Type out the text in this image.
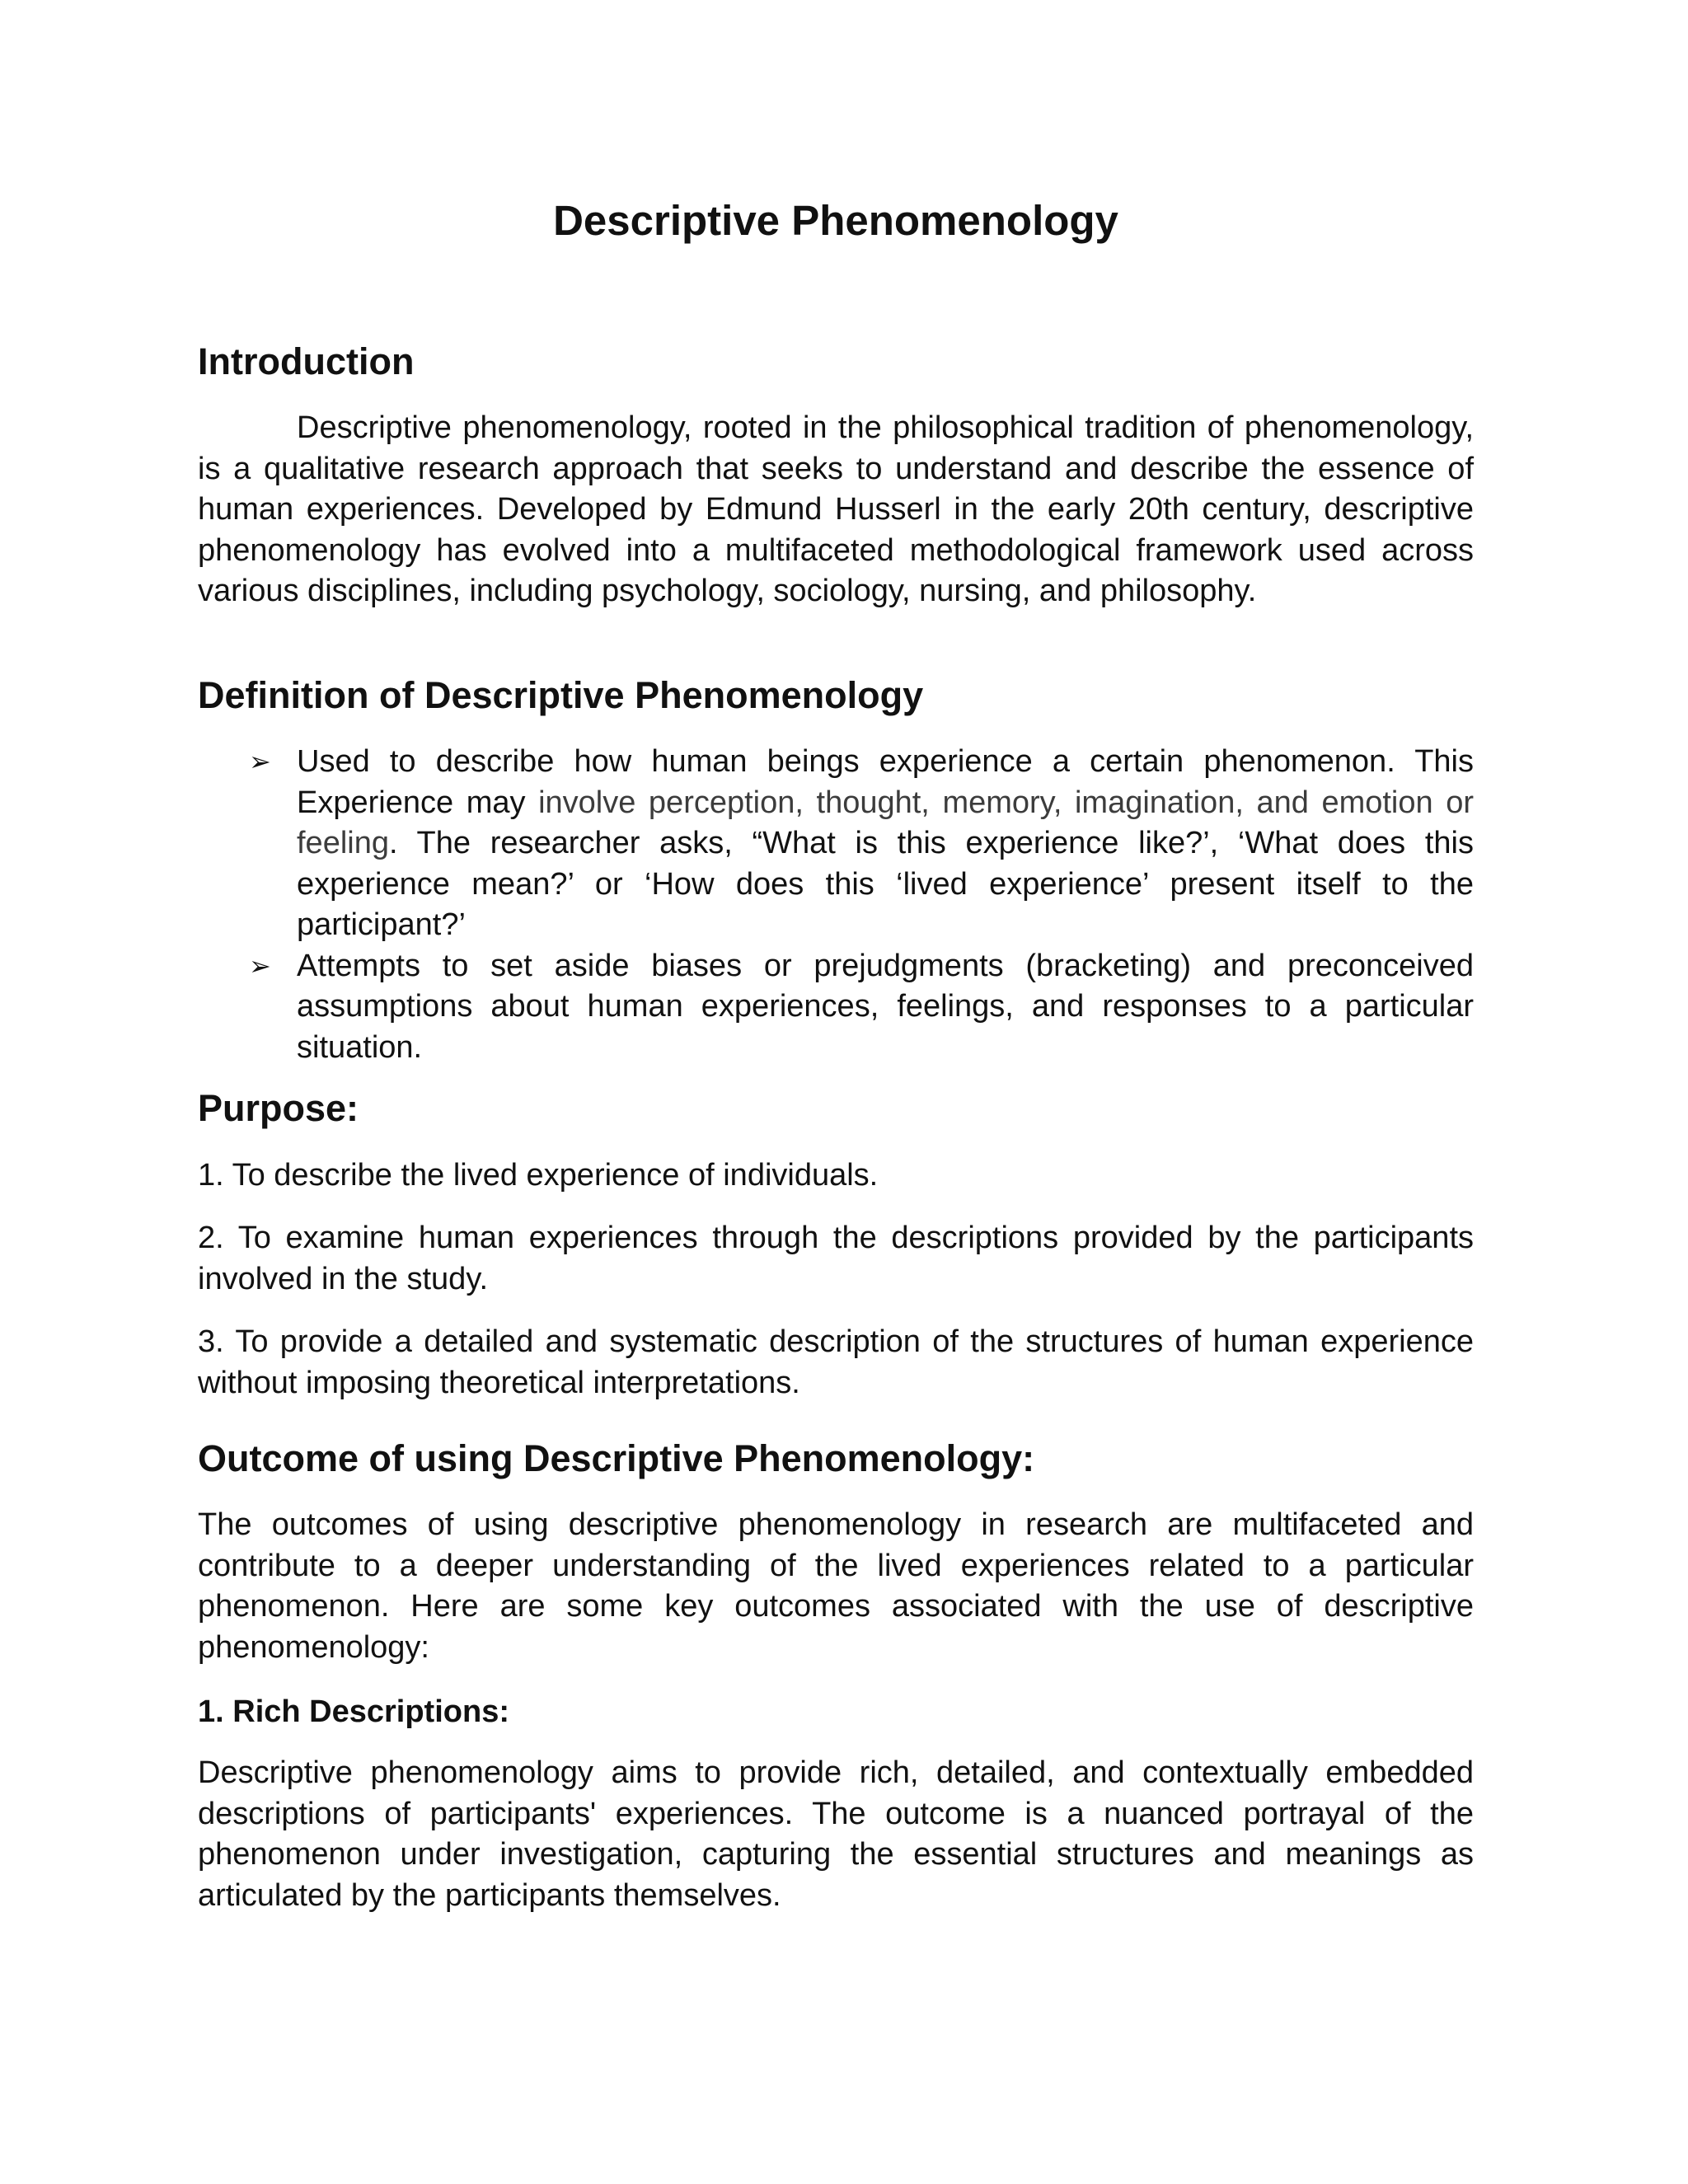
Descriptive Phenomenology
Introduction

Descriptive phenomenology, rooted in the philosophical tradition of phenomenology, is a qualitative research approach that seeks to understand and describe the essence of human experiences. Developed by Edmund Husserl in the early 20th century, descriptive phenomenology has evolved into a multifaceted methodological framework used across various disciplines, including psychology, sociology, nursing, and philosophy.

Definition of Descriptive Phenomenology
➢ Used to describe how human beings experience a certain phenomenon. This Experience may involve perception, thought, memory, imagination, and emotion or feeling. The researcher asks, “What is this experience like?’, ‘What does this experience mean?’ or ‘How does this ‘lived experience’ present itself to the participant?’
➢ Attempts to set aside biases or prejudgments (bracketing) and preconceived assumptions about human experiences, feelings, and responses to a particular situation.
Purpose:

1. To describe the lived experience of individuals.

2. To examine human experiences through the descriptions provided by the participants involved in the study.

3. To provide a detailed and systematic description of the structures of human experience without imposing theoretical interpretations.

Outcome of using Descriptive Phenomenology:

The outcomes of using descriptive phenomenology in research are multifaceted and contribute to a deeper understanding of the lived experiences related to a particular phenomenon. Here are some key outcomes associated with the use of descriptive phenomenology:

1. Rich Descriptions:

Descriptive phenomenology aims to provide rich, detailed, and contextually embedded descriptions of participants' experiences. The outcome is a nuanced portrayal of the phenomenon under investigation, capturing the essential structures and meanings as articulated by the participants themselves.
